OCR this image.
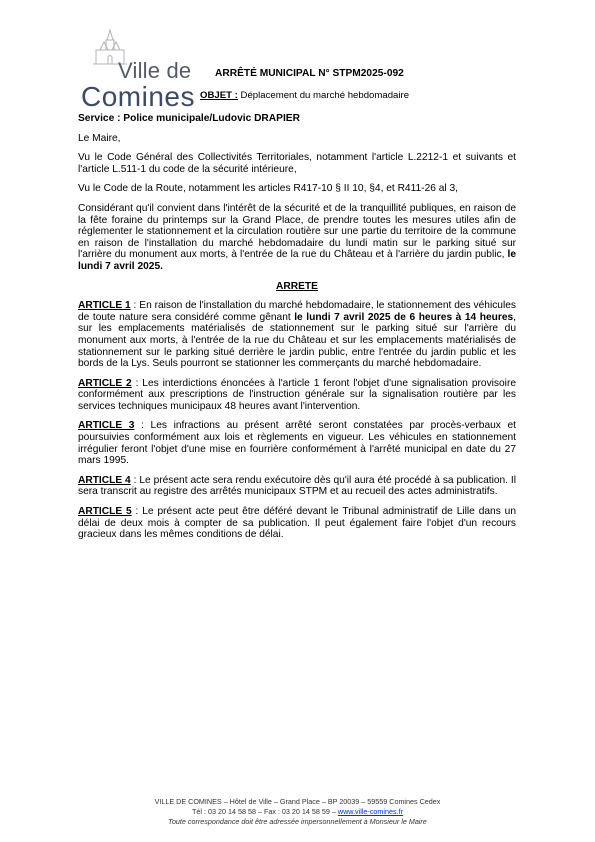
Ville de
Comines
ARRÊTÉ MUNICIPAL N° STPM2025-092
OBJET : Déplacement du marché hebdomadaire

Service : Police municipale/Ludovic DRAPIER

Le Maire,

Vu le Code Général des Collectivités Territoriales, notamment l'article L.2212-1 et suivants et l'article L.511-1 du code de la sécurité intérieure,

Vu le Code de la Route, notamment les articles R417-10 § II 10, §4, et R411-26 al 3,

Considérant qu'il convient dans l'intérêt de la sécurité et de la tranquillité publiques, en raison de la fête foraine du printemps sur la Grand Place, de prendre toutes les mesures utiles afin de réglementer le stationnement et la circulation routière sur une partie du territoire de la commune en raison de l'installation du marché hebdomadaire du lundi matin sur le parking situé sur l'arrière du monument aux morts, à l'entrée de la rue du Château et à l'arrière du jardin public, le lundi 7 avril 2025.

ARRETE

ARTICLE 1 : En raison de l'installation du marché hebdomadaire, le stationnement des véhicules de toute nature sera considéré comme gênant le lundi 7 avril 2025 de 6 heures à 14 heures, sur les emplacements matérialisés de stationnement sur le parking situé sur l'arrière du monument aux morts, à l'entrée de la rue du Château et sur les emplacements matérialisés de stationnement sur le parking situé derrière le jardin public, entre l'entrée du jardin public et les bords de la Lys. Seuls pourront se stationner les commerçants du marché hebdomadaire.

ARTICLE 2 : Les interdictions énoncées à l'article 1 feront l'objet d'une signalisation provisoire conformément aux prescriptions de l'instruction générale sur la signalisation routière par les services techniques municipaux 48 heures avant l'intervention.

ARTICLE 3 : Les infractions au présent arrêté seront constatées par procès-verbaux et poursuivies conformément aux lois et règlements en vigueur. Les véhicules en stationnement irrégulier feront l'objet d'une mise en fourrière conformément à l'arrêté municipal en date du 27 mars 1995.

ARTICLE 4 : Le présent acte sera rendu exécutoire dès qu'il aura été procédé à sa publication. Il sera transcrit au registre des arrêtés municipaux STPM et au recueil des actes administratifs.

ARTICLE 5 : Le présent acte peut être déféré devant le Tribunal administratif de Lille dans un délai de deux mois à compter de sa publication. Il peut également faire l'objet d'un recours gracieux dans les mêmes conditions de délai.

VILLE DE COMINES – Hôtel de Ville – Grand Place – BP 20039 – 59559 Comines Cedex
Tél : 03 20 14 58 58 – Fax : 03 20 14 58 59 – www.ville-comines.fr
Toute correspondance doit être adressée impersonnellement à Monsieur le Maire
